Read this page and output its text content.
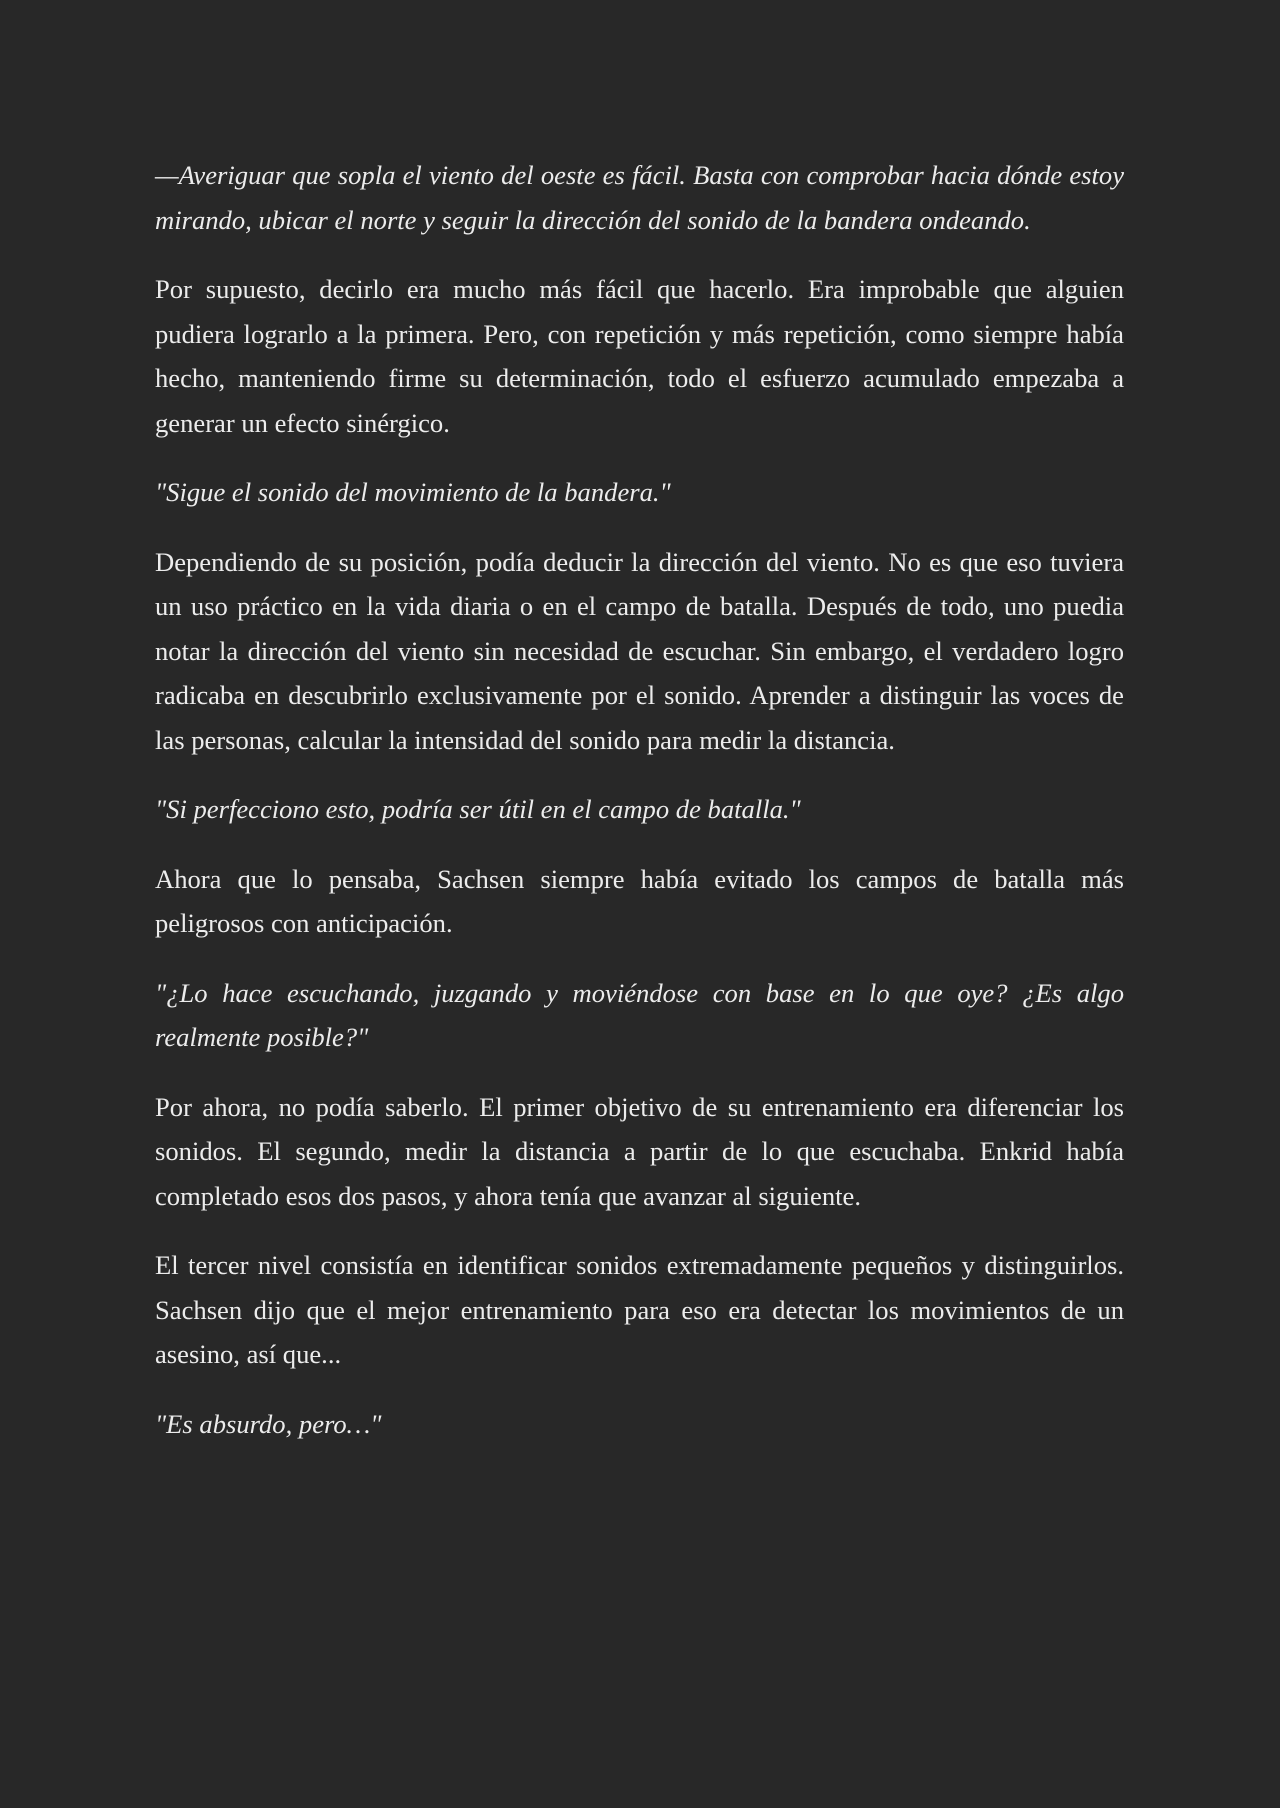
—Averiguar que sopla el viento del oeste es fácil. Basta con comprobar hacia dónde estoy mirando, ubicar el norte y seguir la dirección del sonido de la bandera ondeando.

Por supuesto, decirlo era mucho más fácil que hacerlo. Era improbable que alguien pudiera lograrlo a la primera. Pero, con repetición y más repetición, como siempre había hecho, manteniendo firme su determinación, todo el esfuerzo acumulado empezaba a generar un efecto sinérgico.

"Sigue el sonido del movimiento de la bandera."

Dependiendo de su posición, podía deducir la dirección del viento. No es que eso tuviera un uso práctico en la vida diaria o en el campo de batalla. Después de todo, uno puedia notar la dirección del viento sin necesidad de escuchar. Sin embargo, el verdadero logro radicaba en descubrirlo exclusivamente por el sonido. Aprender a distinguir las voces de las personas, calcular la intensidad del sonido para medir la distancia.

"Si perfecciono esto, podría ser útil en el campo de batalla."

Ahora que lo pensaba, Sachsen siempre había evitado los campos de batalla más peligrosos con anticipación.

"¿Lo hace escuchando, juzgando y moviéndose con base en lo que oye? ¿Es algo realmente posible?"

Por ahora, no podía saberlo. El primer objetivo de su entrenamiento era diferenciar los sonidos. El segundo, medir la distancia a partir de lo que escuchaba. Enkrid había completado esos dos pasos, y ahora tenía que avanzar al siguiente.

El tercer nivel consistía en identificar sonidos extremadamente pequeños y distinguirlos. Sachsen dijo que el mejor entrenamiento para eso era detectar los movimientos de un asesino, así que...

"Es absurdo, pero…"
